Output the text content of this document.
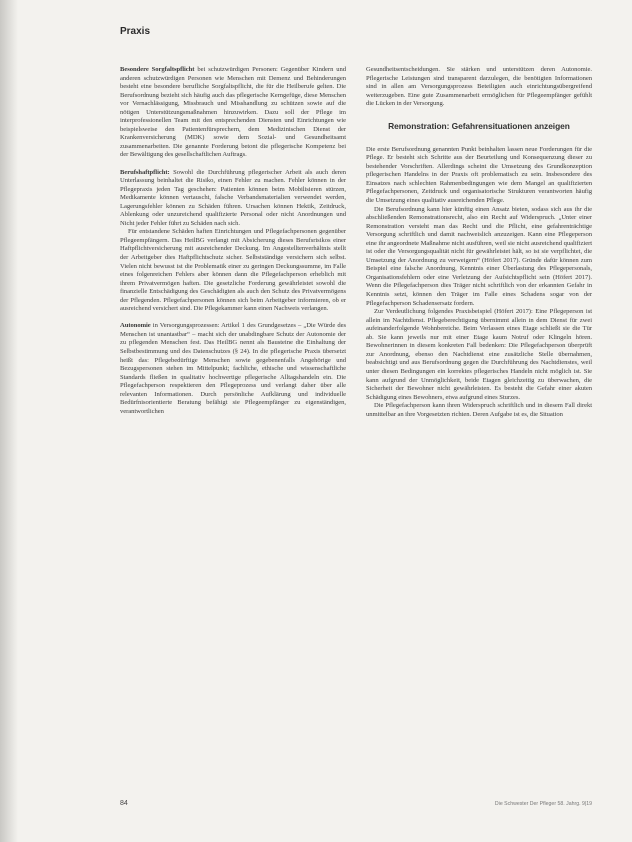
Praxis

Besondere Sorgfaltspflicht bei schutzwürdigen Personen: Gegenüber Kindern und anderen schutzwürdigen Personen wie Menschen mit Demenz und Behinderungen besteht eine besondere berufliche Sorgfaltspflicht, die für die Heilberufe gelten. Die Berufsordnung bezieht sich häufig auch das pflegerische Kerngefüge, diese Menschen vor Vernachlässigung, Missbrauch und Misshandlung zu schützen sowie auf die nötigen Unterstützungsmaßnahmen hinzuwirken. Dazu soll der Pflege im interprofessionellen Team mit den entsprechenden Diensten und Einrichtungen wie beispielsweise den Patientenfürsprechern, dem Medizinischen Dienst der Krankenversicherung (MDK) sowie dem Sozial- und Gesundheitsamt zusammenarbeiten. Die genannte Forderung betont die pflegerische Kompetenz bei der Bewältigung des gesellschaftlichen Auftrags.

Berufshaftpflicht: Sowohl die Durchführung pflegerischer Arbeit als auch deren Unterlassung beinhaltet die Risiko, einen Fehler zu machen. Fehler können in der Pflegepraxis jeden Tag geschehen: Patienten können beim Mobilisieren stürzen, Medikamente können vertauscht, falsche Verbandsmaterialien verwendet werden, Lagerungsfehler können zu Schäden führen. Ursachen können Hektik, Zeitdruck, Ablenkung oder unzureichend qualifizierte Personal oder nicht Anordnungen und Nicht jeder Fehler führt zu Schäden nach sich.

Für entstandene Schäden haften Einrichtungen und Pflegefachpersonen gegenüber Pflegeempfängern. Das HeilBG verlangt mit Absicherung dieses Berufsrisikos einer Haftpflichtversicherung mit ausreichender Deckung. Im Angestelltenverhältnis stellt der Arbeitgeber dies Haftpflichtschutz sicher. Selbstständige versichern sich selbst. Vielen nicht bewusst ist die Problematik einer zu geringen Deckungssumme, im Falle eines folgenreichen Fehlers aber können dann die Pflegefachperson erheblich mit ihrem Privatvermögen haften. Die gesetzliche Forderung gewährleistet sowohl die finanzielle Entschädigung des Geschädigten als auch den Schutz des Privatvermögens der Pflegenden. Pflegefachpersonen können sich beim Arbeitgeber informieren, ob er ausreichend versichert sind. Die Pflegekammer kann einen Nachweis verlangen.

Autonomie in Versorgungsprozessen: Artikel 1 des Grundgesetzes – „Die Würde des Menschen ist unantastbar“ – macht sich der unabdingbare Schutz der Autonomie der zu pflegenden Menschen fest. Das HeilBG nennt als Bausteine die Einhaltung der Selbstbestimmung und des Datenschutzes (§ 24). In die pflegerische Praxis übersetzt heißt das: Pflegebedürftige Menschen sowie gegebenenfalls Angehörige und Bezugspersonen stehen im Mittelpunkt; fachliche, ethische und wissenschaftliche Standards fließen in qualitativ hochwertige pflegerische Alltagshandeln ein. Die Pflegefachperson respektieren den Pflegeprozess und verlangt daher über alle relevanten Informationen. Durch persönliche Aufklärung und individuelle Bedürfnisorientierte Beratung befähigt sie Pflegeempfänger zu eigenständigen, verantwortlichen

Gesundheitsentscheidungen. Sie stärken und unterstützen deren Autonomie. Pflegerische Leistungen sind transparent darzulegen, die benötigten Informationen sind in allen am Versorgungsprozess Beteiligten auch einrichtungsübergreifend weiterzugeben. Eine gute Zusammenarbeit ermöglichen für Pflegeempfänger gefühlt die Lücken in der Versorgung.

Remonstration: Gefahrensituationen anzeigen

Die erste Berufsordnung genannten Punkt beinhalten lassen neue Forderungen für die Pflege. Er besteht sich Schritte aus der Beurteilung und Konsequenzung dieser zu bestehender Vorschriften. Allerdings scheint die Umsetzung des Grundkonzeption pflegerischen Handelns in der Praxis oft problematisch zu sein. Insbesondere des Einsatzes nach schlechten Rahmenbedingungen wie dem Mangel an qualifizierten Pflegefachpersonen, Zeitdruck und organisatorische Strukturen verantworten häufig die Umsetzung eines qualitativ ausreichenden Pflege.

Die Berufsordnung kann hier künftig einen Ansatz bieten, sodass sich aus ihr die abschließenden Remonstrationsrecht, also ein Recht auf Widerspruch. „Unter einer Remonstration versteht man das Recht und die Pflicht, eine gefahrenträchtige Versorgung schriftlich und damit nachweislich anzuzeigen. Kann eine Pflegeperson eine ihr angeordnete Maßnahme nicht ausführen, weil sie nicht ausreichend qualifiziert ist oder die Versorgungsqualität nicht für gewährleistet hält, so ist sie verpflichtet, die Umsetzung der Anordnung zu verweigern“ (Höfert 2017). Gründe dafür können zum Beispiel eine falsche Anordnung, Kenntnis einer Überlastung des Pflegepersonals, Organisationsfehlern oder eine Verletzung der Aufsichtspflicht sein (Höfert 2017). Wenn die Pflegefachperson dies Träger nicht schriftlich von der erkannten Gefahr in Kenntnis setzt, können den Träger im Falle eines Schadens sogar von der Pflegefachperson Schadensersatz fordern.

Zur Verdeutlichung folgendes Praxisbeispiel (Höfert 2017): Eine Pflegeperson ist allein im Nachtdienst. Pflegeberechtigung übernimmt allein in dem Dienst für zwei aufeinanderfolgende Wohnbereiche. Beim Verlassen eines Etage schließt sie die Tür ab. Sie kann jeweils nur mit einer Etage kaum Notruf oder Klingeln hören. Bewohnerinnen in diesem konkreten Fall bedenken: Die Pflegefachperson überprüft zur Anordnung, ebenso den Nachtdienst eine zusätzliche Stelle übernahmen, beabsichtigt und aus Berufsordnung gegen die Durchführung des Nachtdienstes, weil unter diesen Bedingungen ein korrektes pflegerisches Handeln nicht möglich ist. Sie kann aufgrund der Unmöglichkeit, beide Etagen gleichzeitig zu überwachen, die Sicherheit der Bewohner nicht gewährleisten. Es besteht die Gefahr einer akuten Schädigung eines Bewohners, etwa aufgrund eines Sturzes.

Die Pflegefachperson kann ihren Widerspruch schriftlich und in diesem Fall direkt unmittelbar an ihre Vorgesetzten richten. Deren Aufgabe ist es, die Situation

84	Die Schwester Der Pfleger 58. Jahrg. 9|19
